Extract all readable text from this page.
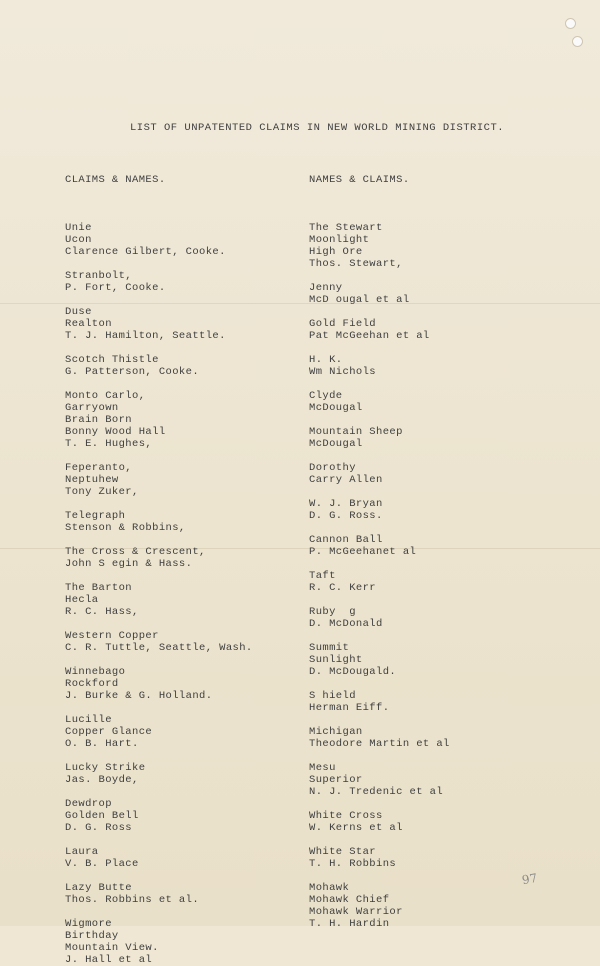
LIST OF UNPATENTED CLAIMS IN NEW WORLD MINING DISTRICT.

CLAIMS & NAMES.

Unie
Ucon
Clarence Gilbert, Cooke.
Stranbolt,
P. Fort, Cooke.
Duse
Realton
T. J. Hamilton, Seattle.
Scotch Thistle
G. Patterson, Cooke.
Monto Carlo,
Garryown
Brain Born
Bonny Wood Hall
T. E. Hughes,
Feperanto,
Neptuhew
Tony Zuker,
Telegraph
Stenson & Robbins,
The Cross & Crescent,
John S egin & Hass.
The Barton
Hecla
R. C. Hass,
Western Copper
C. R. Tuttle, Seattle, Wash.
Winnebago
Rockford
J. Burke & G. Holland.
Lucille
Copper Glance
O. B. Hart.
Lucky Strike
Jas. Boyde,
Dewdrop
Golden Bell
D. G. Ross
Laura
V. B. Place
Lazy Butte
Thos. Robbins et al.
Wigmore
Birthday
Mountain View.
J. Hall et al

NAMES & CLAIMS.

The Stewart
Moonlight
High Ore
Thos. Stewart,
Jenny
McD ougal et al
Gold Field
Pat McGeehan et al
H. K.
Wm Nichols
Clyde
McDougal
Mountain Sheep
McDougal
Dorothy
Carry Allen
W. J. Bryan
D. G. Ross.
Cannon Ball
P. McGeehanet al
Taft
R. C. Kerr
Ruby  g
D. McDonald
Summit
Sunlight
D. McDougald.
S hield
Herman Eiff.
Michigan
Theodore Martin et al
Mesu
Superior
N. J. Tredenic et al
White Cross
W. Kerns et al
White Star
T. H. Robbins
Mohawk
Mohawk Chief
Mohawk Warrior
T. H. Hardin
97
